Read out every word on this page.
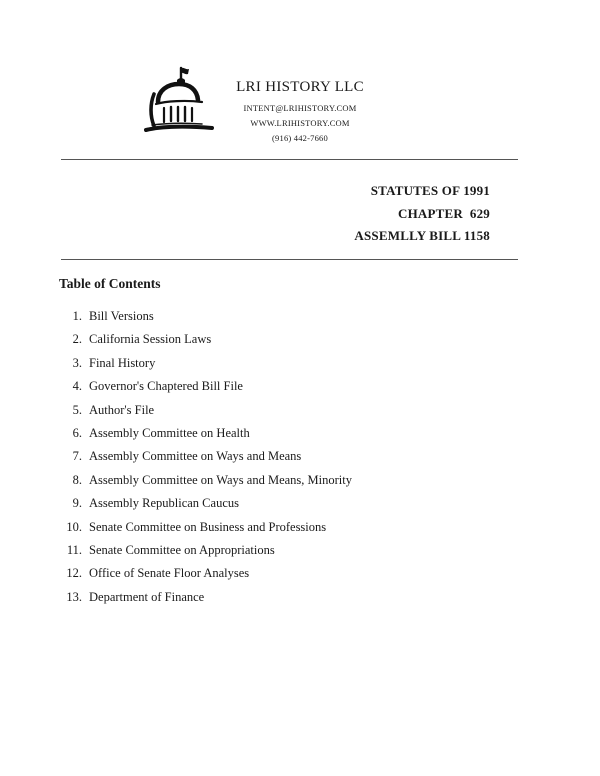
LRI HISTORY LLC
INTENT@LRIHISTORY.COM
WWW.LRIHISTORY.COM
(916) 442-7660
STATUTES OF 1991
CHAPTER  629
ASSEMLLY BILL 1158
Table of Contents
1. Bill Versions
2. California Session Laws
3. Final History
4. Governor's Chaptered Bill File
5. Author's File
6. Assembly Committee on Health
7. Assembly Committee on Ways and Means
8. Assembly Committee on Ways and Means, Minority
9. Assembly Republican Caucus
10. Senate Committee on Business and Professions
11. Senate Committee on Appropriations
12. Office of Senate Floor Analyses
13. Department of Finance
